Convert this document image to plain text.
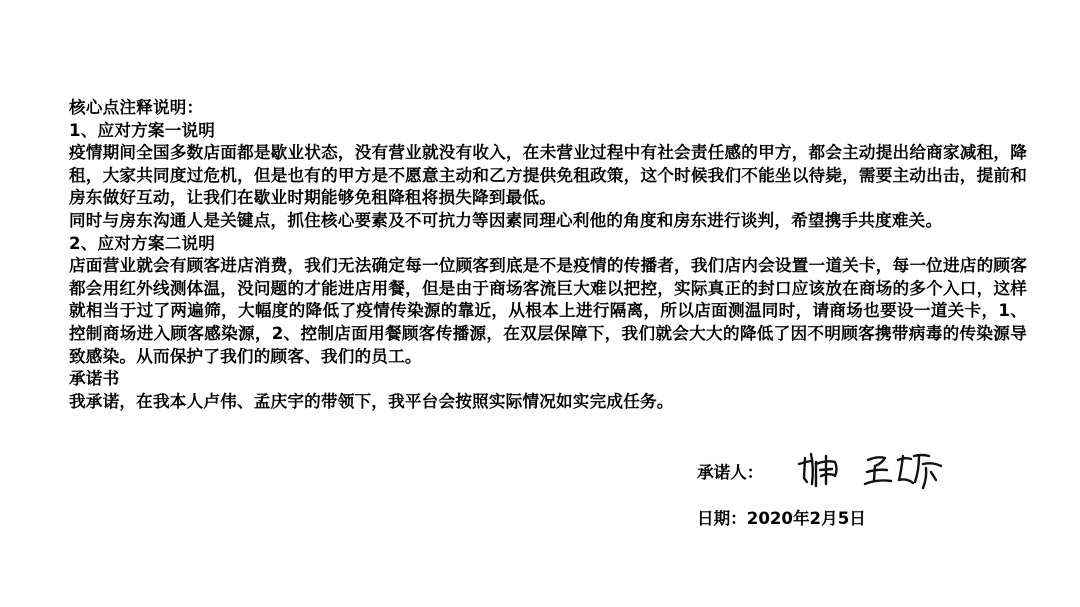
核心点注释说明：

1、应对方案一说明

疫情期间全国多数店面都是歇业状态，没有营业就没有收入，在未营业过程中有社会责任感的甲方，都会主动提出给商家减租，降租，大家共同度过危机，但是也有的甲方是不愿意主动和乙方提供免租政策，这个时候我们不能坐以待毙，需要主动出击，提前和房东做好互动，让我们在歇业时期能够免租降租将损失降到最低。

同时与房东沟通人是关键点，抓住核心要素及不可抗力等因素同理心利他的角度和房东进行谈判，希望携手共度难关。

2、应对方案二说明

店面营业就会有顾客进店消费，我们无法确定每一位顾客到底是不是疫情的传播者，我们店内会设置一道关卡，每一位进店的顾客都会用红外线测体温，没问题的才能进店用餐，但是由于商场客流巨大难以把控，实际真正的封口应该放在商场的多个入口，这样就相当于过了两遍筛，大幅度的降低了疫情传染源的靠近，从根本上进行隔离，所以店面测温同时，请商场也要设一道关卡，1、控制商场进入顾客感染源，2、控制店面用餐顾客传播源，在双层保障下，我们就会大大的降低了因不明顾客携带病毒的传染源导致感染。从而保护了我们的顾客、我们的员工。

承诺书

我承诺，在我本人卢伟、孟庆宇的带领下，我平台会按照实际情况如实完成任务。

承诺人：
日期：2020年2月5日
